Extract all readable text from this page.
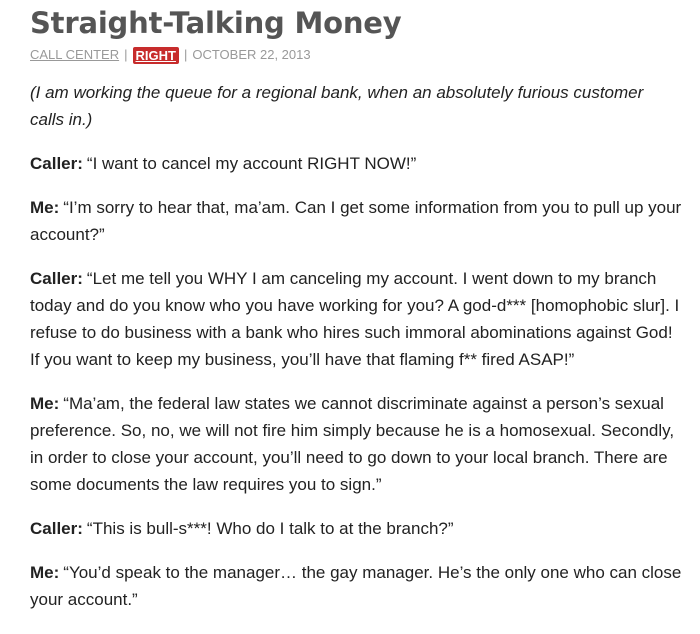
Straight-Talking Money
CALL CENTER | RIGHT | OCTOBER 22, 2013

(I am working the queue for a regional bank, when an absolutely furious customer calls in.)

Caller: “I want to cancel my account RIGHT NOW!”

Me: “I’m sorry to hear that, ma’am. Can I get some information from you to pull up your account?”

Caller: “Let me tell you WHY I am canceling my account. I went down to my branch today and do you know who you have working for you? A god-d*** [homophobic slur]. I refuse to do business with a bank who hires such immoral abominations against God! If you want to keep my business, you’ll have that flaming f** fired ASAP!”

Me: “Ma’am, the federal law states we cannot discriminate against a person’s sexual preference. So, no, we will not fire him simply because he is a homosexual. Secondly, in order to close your account, you’ll need to go down to your local branch. There are some documents the law requires you to sign.”

Caller: “This is bull-s***! Who do I talk to at the branch?”

Me: “You’d speak to the manager… the gay manager. He’s the only one who can close your account.”
